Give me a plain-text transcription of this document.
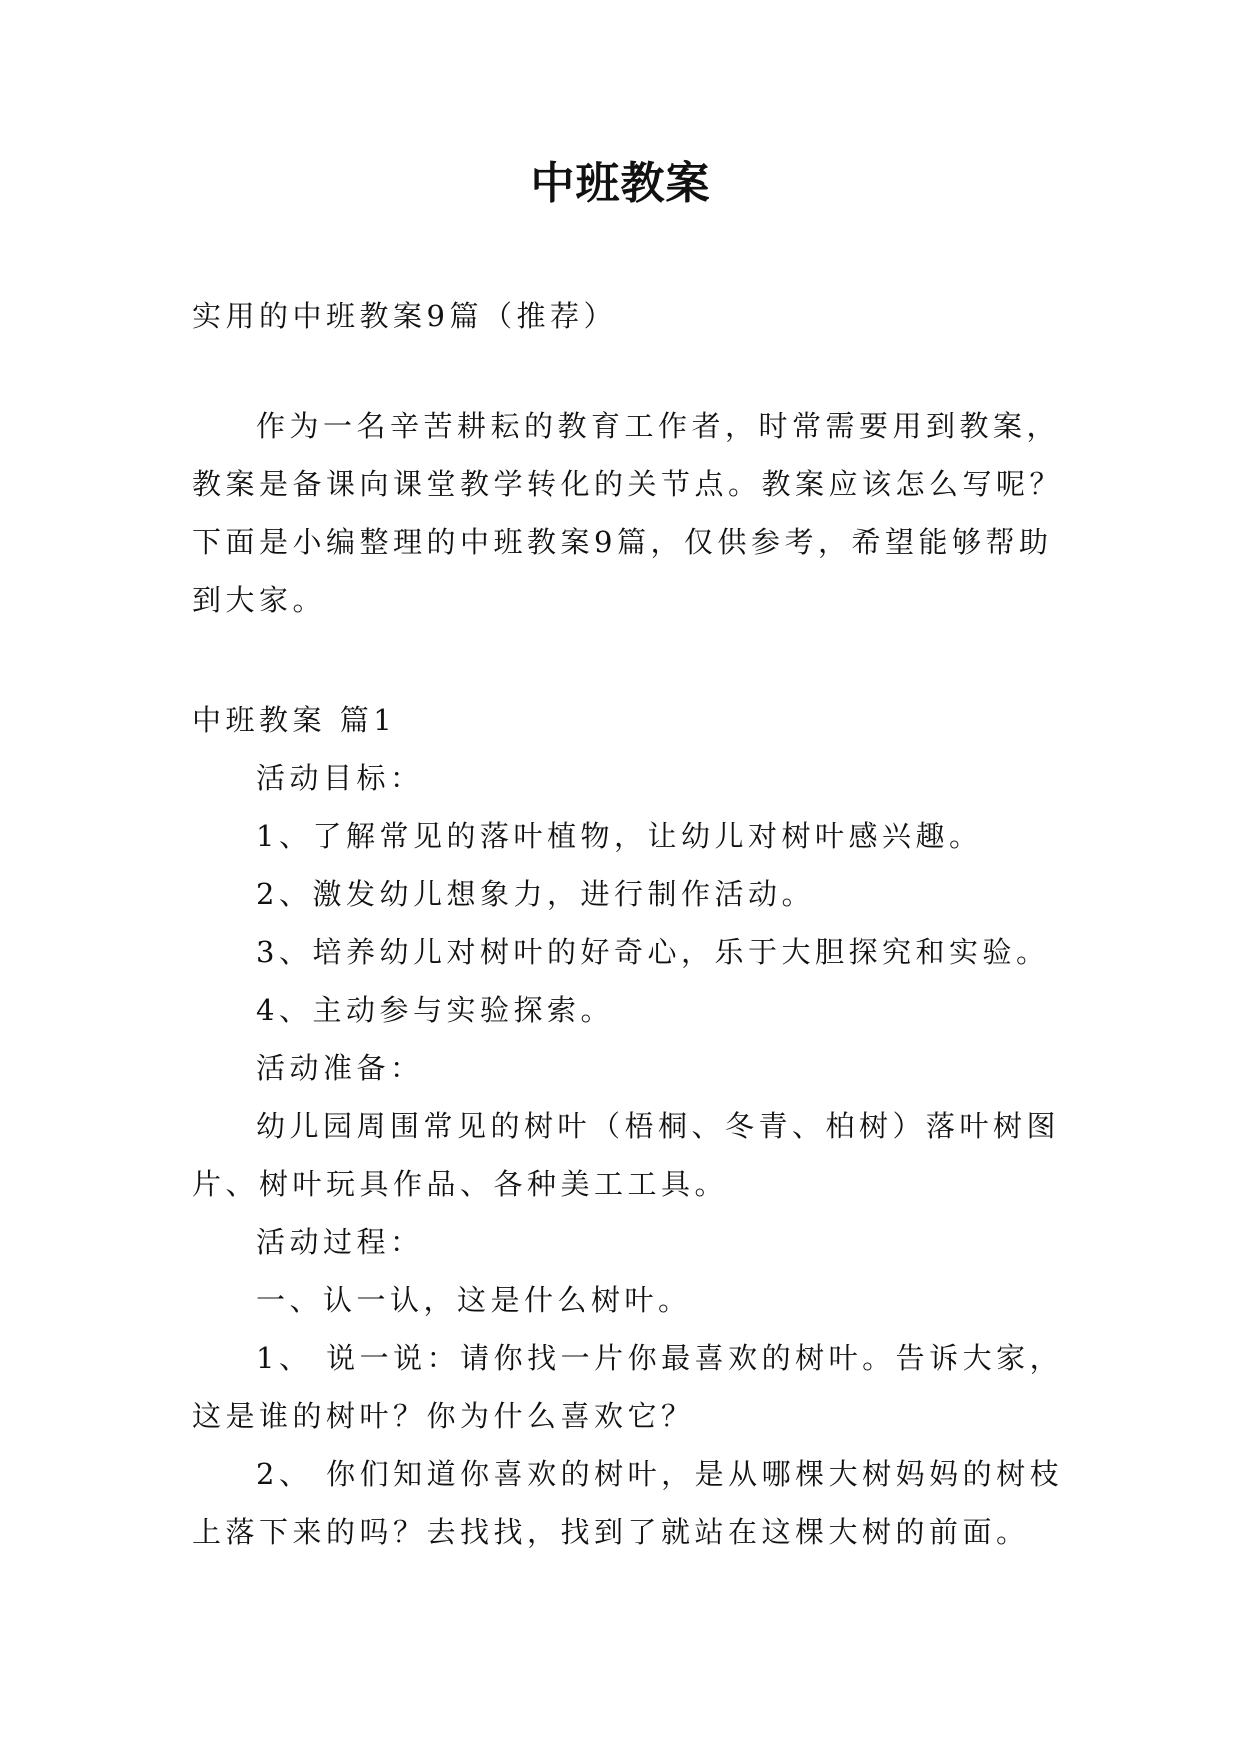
中班教案
实用的中班教案9篇（推荐）
作为一名辛苦耕耘的教育工作者，时常需要用到教案，
教案是备课向课堂教学转化的关节点。教案应该怎么写呢？
下面是小编整理的中班教案9篇，仅供参考，希望能够帮助
到大家。
中班教案 篇1
活动目标：
1、了解常见的落叶植物，让幼儿对树叶感兴趣。
2、激发幼儿想象力，进行制作活动。
3、培养幼儿对树叶的好奇心，乐于大胆探究和实验。
4、主动参与实验探索。
活动准备：
幼儿园周围常见的树叶（梧桐、冬青、柏树）落叶树图
片、树叶玩具作品、各种美工工具。
活动过程：
一、认一认，这是什么树叶。
1、 说一说：请你找一片你最喜欢的树叶。告诉大家，
这是谁的树叶？你为什么喜欢它？
2、 你们知道你喜欢的树叶，是从哪棵大树妈妈的树枝
上落下来的吗？去找找，找到了就站在这棵大树的前面。
